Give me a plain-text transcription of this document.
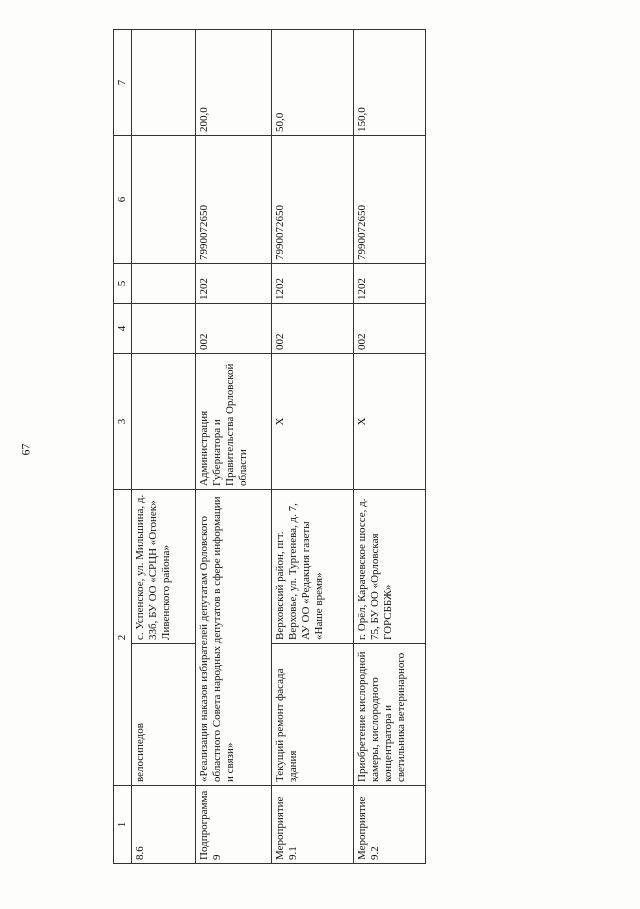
67
1	2		3	4	5	6	7
8.6	велосипедов	с. Успенское, ул. Мильшина, д. 33б, БУ ОО «СРЦН «Огонек» Ливенского района»					
Подпрограмма 9	«Реализация наказов избирателей депутатам Орловского областного Совета народных депутатов в сфере информации и связи»		Администрация Губернатора и Правительства Орловской области	002	1202	7990072650	200,0
Мероприятие 9.1	Текущий ремонт фасада здания	Верховский район, пгт. Верховье, ул. Тургенева, д. 7, АУ ОО «Редакция газеты «Наше время»	Х	002	1202	7990072650	50,0
Мероприятие 9.2	Приобретение кислородной камеры, кислородного концентратора и светильника ветеринарного	г. Орёл, Карачевское шоссе, д. 75, БУ ОО «Орловская ГОРСББЖ»	Х	002	1202	7990072650	150,0
